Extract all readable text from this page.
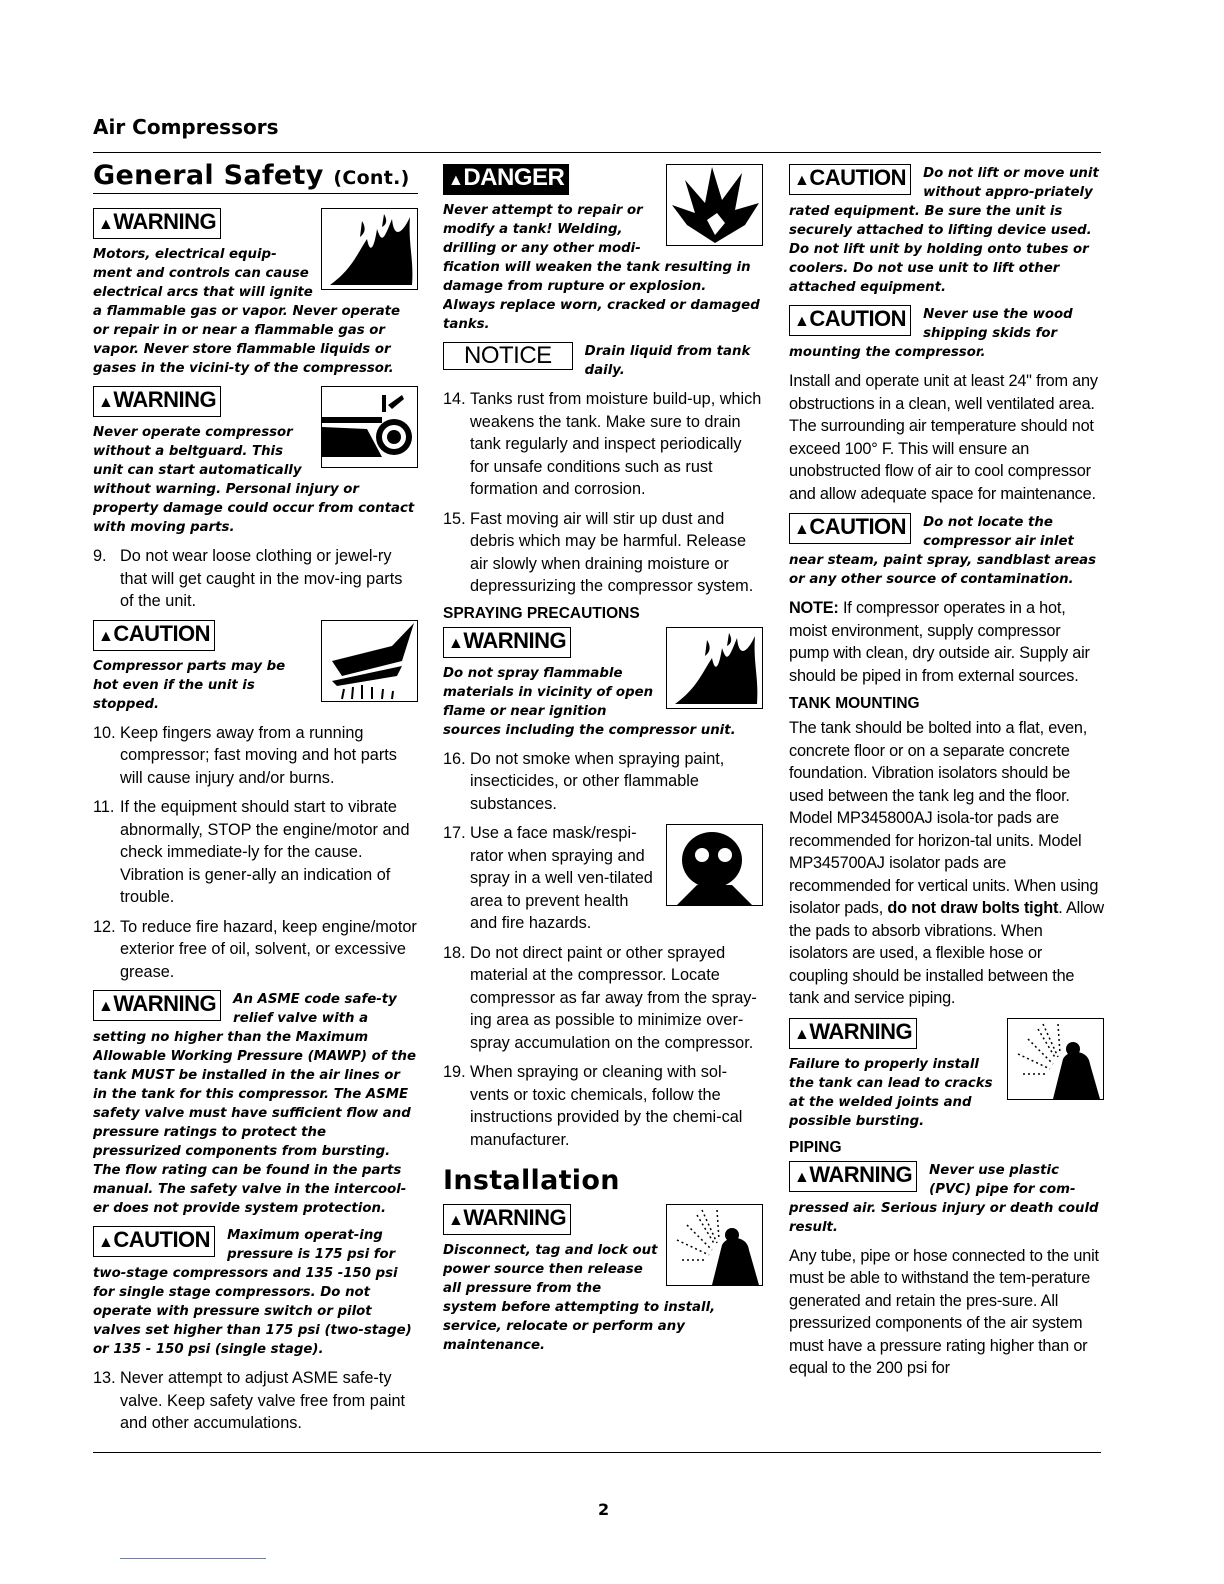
Air Compressors
General Safety (Cont.)
▲WARNING
Motors, electrical equip-ment and controls can cause electrical arcs that will ignite a flammable gas or vapor. Never operate or repair in or near a flammable gas or vapor. Never store flammable liquids or gases in the vicini-ty of the compressor.
▲WARNING
Never operate compressor without a beltguard. This unit can start automatically without warning. Personal injury or property damage could occur from contact with moving parts.
9. Do not wear loose clothing or jewel-ry that will get caught in the mov-ing parts of the unit.
▲CAUTION
Compressor parts may be hot even if the unit is stopped.
10. Keep fingers away from a running compressor; fast moving and hot parts will cause injury and/or burns.
11. If the equipment should start to vibrate abnormally, STOP the engine/motor and check immediate-ly for the cause. Vibration is gener-ally an indication of trouble.
12. To reduce fire hazard, keep engine/motor exterior free of oil, solvent, or excessive grease.
▲WARNING	An ASME code safe-ty relief valve with a setting no higher than the Maximum Allowable Working Pressure (MAWP) of the tank MUST be installed in the air lines or in the tank for this compressor. The ASME safety valve must have sufficient flow and pressure ratings to protect the pressurized components from bursting. The flow rating can be found in the parts manual. The safety valve in the intercool-er does not provide system protection.
▲CAUTION	Maximum operat-ing pressure is 175 psi for two-stage compressors and 135 -150 psi for single stage compressors. Do not operate with pressure switch or pilot valves set higher than 175 psi (two-stage) or 135 - 150 psi (single stage).
13. Never attempt to adjust ASME safe-ty valve. Keep safety valve free from paint and other accumulations.
▲DANGER
Never attempt to repair or modify a tank! Welding, drilling or any other modi-fication will weaken the tank resulting in damage from rupture or explosion. Always replace worn, cracked or damaged tanks.
NOTICE	Drain liquid from tank daily.
14. Tanks rust from moisture build-up, which weakens the tank. Make sure to drain tank regularly and inspect periodically for unsafe conditions such as rust formation and corrosion.
15. Fast moving air will stir up dust and debris which may be harmful. Release air slowly when draining moisture or depressurizing the compressor system.
SPRAYING PRECAUTIONS
▲WARNING
Do not spray flammable materials in vicinity of open flame or near ignition sources including the compressor unit.
16. Do not smoke when spraying paint, insecticides, or other flammable substances.
17. Use a face mask/respi-rator when spraying and spray in a well ven-tilated area to prevent health and fire hazards.
18. Do not direct paint or other sprayed material at the compressor. Locate compressor as far away from the spray-ing area as possible to minimize over-spray accumulation on the compressor.
19. When spraying or cleaning with sol-vents or toxic chemicals, follow the instructions provided by the chemi-cal manufacturer.
Installation
▲WARNING
Disconnect, tag and lock out power source then release all pressure from the system before attempting to install, service, relocate or perform any maintenance.
▲CAUTION	Do not lift or move unit without appro-priately rated equipment. Be sure the unit is securely attached to lifting device used. Do not lift unit by holding onto tubes or coolers. Do not use unit to lift other attached equipment.
▲CAUTION	Never use the wood shipping skids for mounting the compressor.
Install and operate unit at least 24" from any obstructions in a clean, well ventilated area. The surrounding air temperature should not exceed 100° F. This will ensure an unobstructed flow of air to cool compressor and allow adequate space for maintenance.
▲CAUTION	Do not locate the compressor air inlet near steam, paint spray, sandblast areas or any other source of contamination.
NOTE: If compressor operates in a hot, moist environment, supply compressor pump with clean, dry outside air. Supply air should be piped in from external sources.
TANK MOUNTING
The tank should be bolted into a flat, even, concrete floor or on a separate concrete foundation. Vibration isolators should be used between the tank leg and the floor. Model MP345800AJ isola-tor pads are recommended for horizon-tal units. Model MP345700AJ isolator pads are recommended for vertical units. When using isolator pads, do not draw bolts tight. Allow the pads to absorb vibrations. When isolators are used, a flexible hose or coupling should be installed between the tank and service piping.
▲WARNING
Failure to properly install the tank can lead to cracks at the welded joints and possible bursting.
PIPING
▲WARNING	Never use plastic (PVC) pipe for com-pressed air. Serious injury or death could result.
Any tube, pipe or hose connected to the unit must be able to withstand the tem-perature generated and retain the pres-sure. All pressurized components of the air system must have a pressure rating higher than or equal to the 200 psi for
2
